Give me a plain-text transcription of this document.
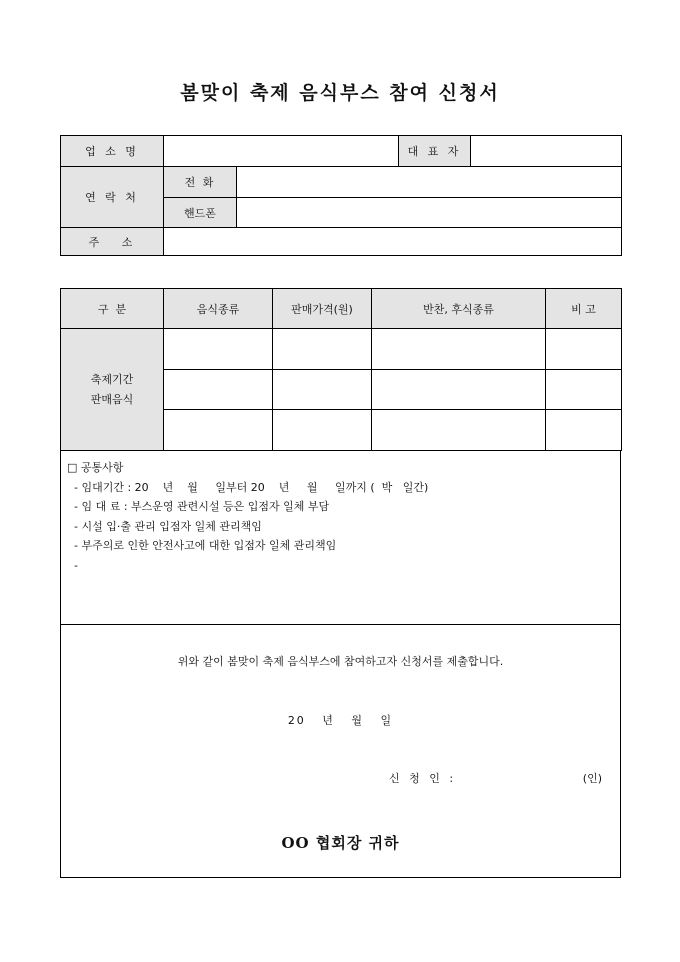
봄맞이 축제 음식부스 참여 신청서
업 소 명			대 표 자	
연 락 처	전 화			
	핸드폰			
주   소				
구  분	음식종류	판매가격(원)	반찬, 후식종류	비 고
축제기간
판매음식				

□ 공통사항
- 임대기간 : 20    년    월     일부터 20    년     월     일까지 (  박   일간)
- 임 대 료 : 부스운영 관련시설 등은 입점자 일체 부담
- 시설 입·출 관리 입점자 일체 관리책임
- 부주의로 인한 안전사고에 대한 입점자 일체 관리책임
-
위와 같이 봄맞이 축제 음식부스에 참여하고자 신청서를 제출합니다.
20   년   월   일
신 청 인 :	(인)
OO 협회장 귀하
